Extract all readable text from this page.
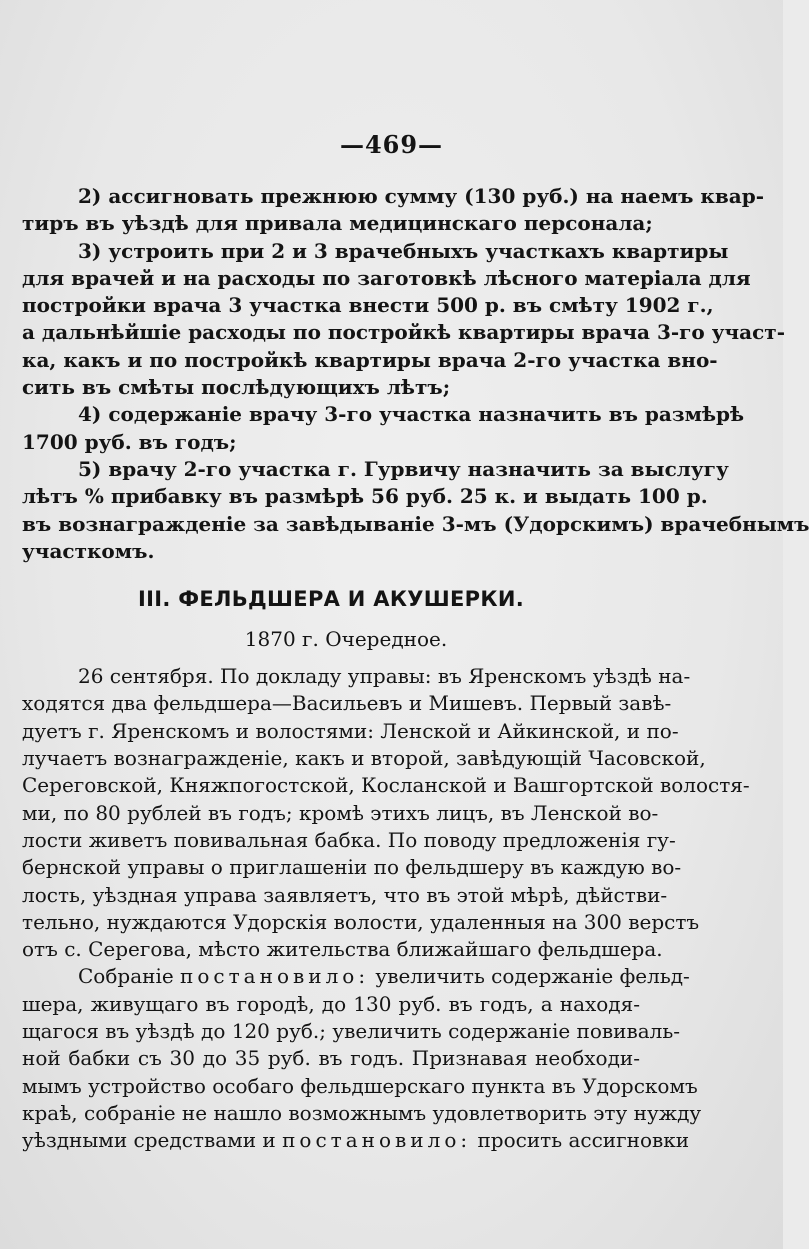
—469—
2) ассигновать прежнюю сумму (130 руб.) на наемъ квар-
тиръ въ уѣздѣ для привала медицинскаго персонала;
3) устроить при 2 и 3 врачебныхъ участкахъ квартиры
для врачей и на расходы по заготовкѣ лѣсного матеріала для
постройки врача 3 участка внести 500 р. въ смѣту 1902 г.,
а дальнѣйшіе расходы по постройкѣ квартиры врача 3-го участ-
ка, какъ и по постройкѣ квартиры врача 2-го участка вно-
сить въ смѣты послѣдующихъ лѣтъ;
4) содержаніе врачу 3-го участка назначить въ размѣрѣ
1700 руб. въ годъ;
5) врачу 2-го участка г. Гурвичу назначить за выслугу
лѣтъ % прибавку въ размѣрѣ 56 руб. 25 к. и выдать 100 р.
въ вознагражденіе за завѣдываніе 3-мъ (Удорскимъ) врачебнымъ
участкомъ.
III. ФЕЛЬДШЕРА И АКУШЕРКИ.
1870 г. Очередное.
26 сентября. По докладу управы: въ Яренскомъ уѣздѣ на-
ходятся два фельдшера—Васильевъ и Мишевъ. Первый завѣ-
дуетъ г. Яренскомъ и волостями: Ленской и Айкинской, и по-
лучаетъ вознагражденіе, какъ и второй, завѣдующій Часовской,
Сереговской, Княжпогостской, Косланской и Вашгортской волостя-
ми, по 80 рублей въ годъ; кромѣ этихъ лицъ, въ Ленской во-
лости живетъ повивальная бабка. По поводу предложенія гу-
бернской управы о приглашеніи по фельдшеру въ каждую во-
лость, уѣздная управа заявляетъ, что въ этой мѣрѣ, дѣйстви-
тельно, нуждаются Удорскія волости, удаленныя на 300 верстъ
отъ с. Серегова, мѣсто жительства ближайшаго фельдшера.
Собраніе постановило: увеличить содержаніе фельд-
шера, живущаго въ городѣ, до 130 руб. въ годъ, а находя-
щагося въ уѣздѣ до 120 руб.; увеличить содержаніе повиваль-
ной бабки съ 30 до 35 руб. въ годъ. Признавая необходи-
мымъ устройство особаго фельдшерскаго пункта въ Удорскомъ
краѣ, собраніе не нашло возможнымъ удовлетворить эту нужду
уѣздными средствами и постановило: просить ассигновки
